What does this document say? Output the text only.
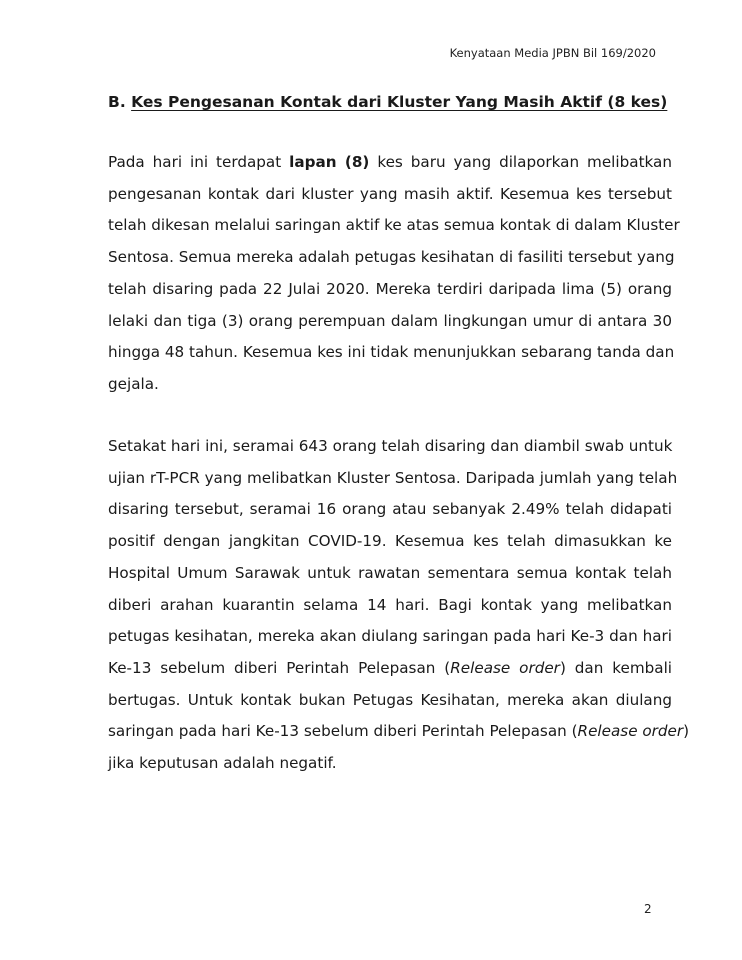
Kenyataan Media JPBN Bil 169/2020
B. Kes Pengesanan Kontak dari Kluster Yang Masih Aktif (8 kes)

Pada hari ini terdapat lapan (8) kes baru yang dilaporkan melibatkan
pengesanan kontak dari kluster yang masih aktif. Kesemua kes tersebut
telah dikesan melalui saringan aktif ke atas semua kontak di dalam Kluster
Sentosa. Semua mereka adalah petugas kesihatan di fasiliti tersebut yang
telah disaring pada 22 Julai 2020. Mereka terdiri daripada lima (5) orang
lelaki dan tiga (3) orang perempuan dalam lingkungan umur di antara 30
hingga 48 tahun. Kesemua kes ini tidak menunjukkan sebarang tanda dan
gejala.

Setakat hari ini, seramai 643 orang telah disaring dan diambil swab untuk
ujian rT-PCR yang melibatkan Kluster Sentosa. Daripada jumlah yang telah
disaring tersebut, seramai 16 orang atau sebanyak 2.49% telah didapati
positif dengan jangkitan COVID-19. Kesemua kes telah dimasukkan ke
Hospital Umum Sarawak untuk rawatan sementara semua kontak telah
diberi arahan kuarantin selama 14 hari. Bagi kontak yang melibatkan
petugas kesihatan, mereka akan diulang saringan pada hari Ke-3 dan hari
Ke-13 sebelum diberi Perintah Pelepasan (Release order) dan kembali
bertugas. Untuk kontak bukan Petugas Kesihatan, mereka akan diulang
saringan pada hari Ke-13 sebelum diberi Perintah Pelepasan (Release order)
jika keputusan adalah negatif.

2
